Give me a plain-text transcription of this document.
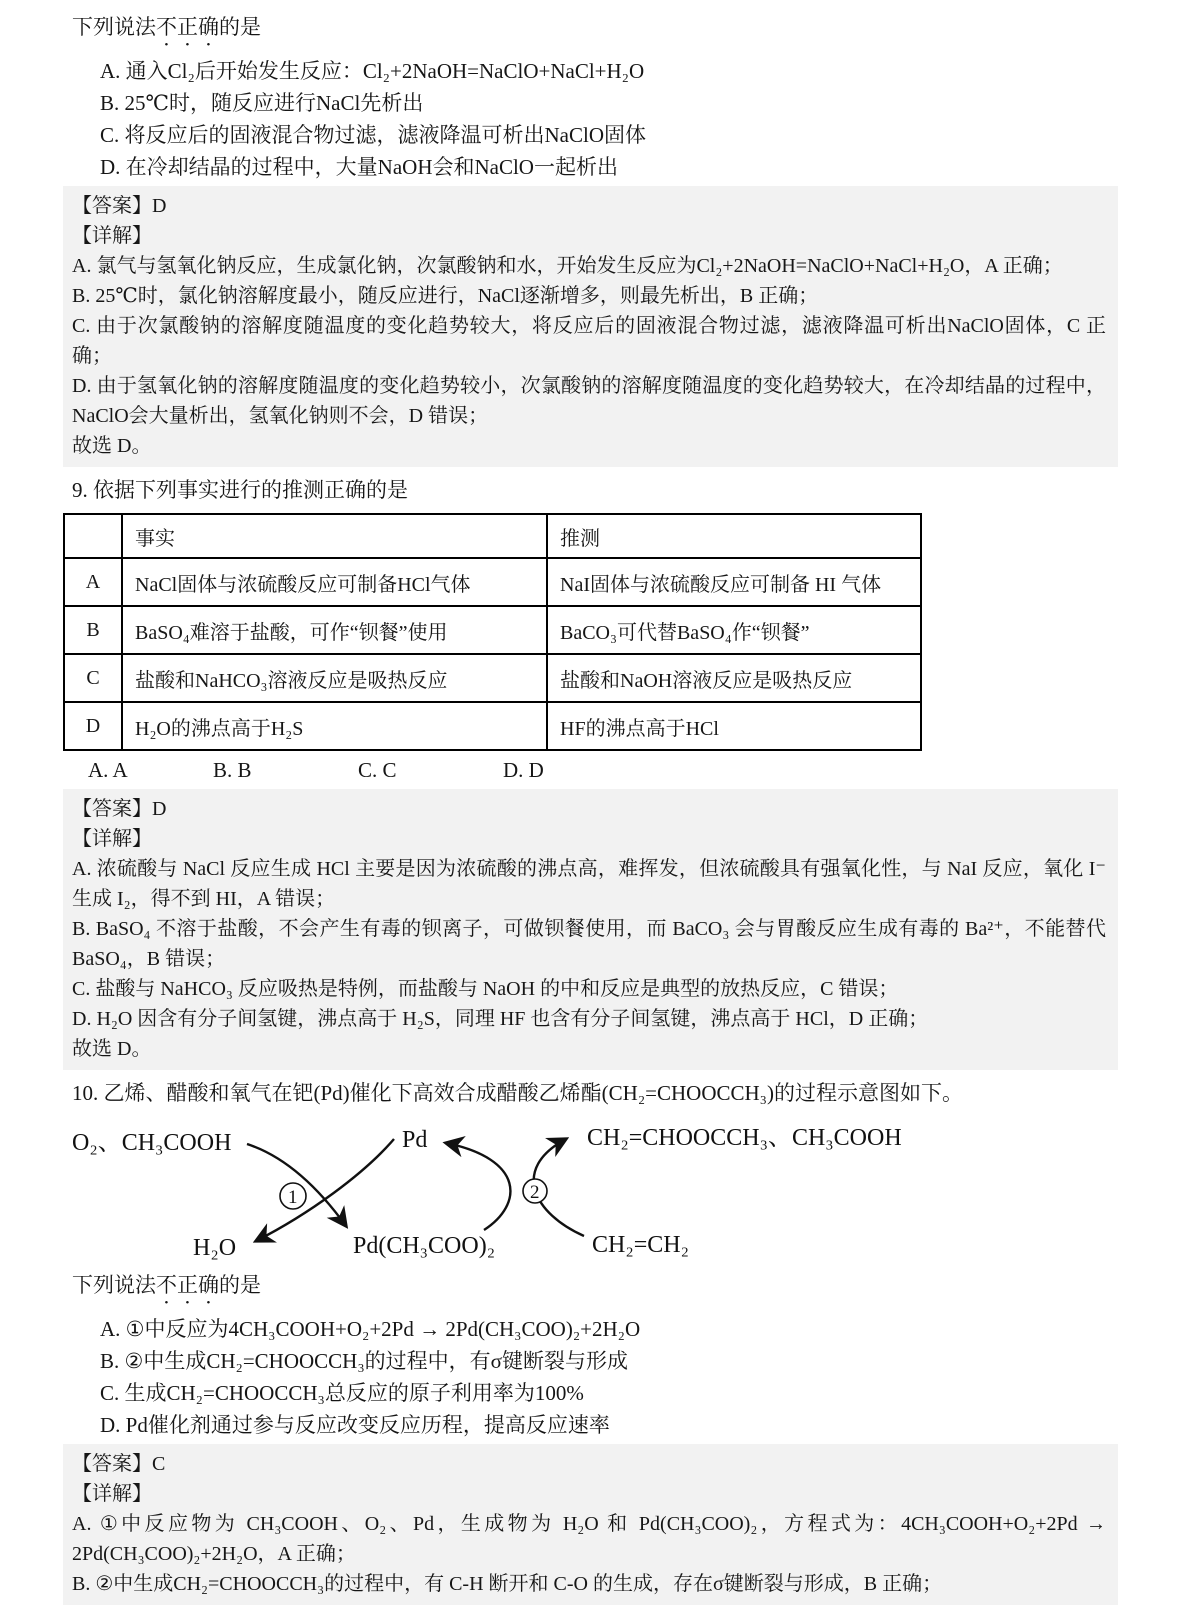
下列说法不正确的是

A. 通入Cl₂后开始发生反应：Cl₂+2NaOH=NaClO+NaCl+H₂O

B. 25℃时，随反应进行NaCl先析出

C. 将反应后的固液混合物过滤，滤液降温可析出NaClO固体

D. 在冷却结晶的过程中，大量NaOH会和NaClO一起析出

【答案】D

【详解】

A. 氯气与氢氧化钠反应，生成氯化钠，次氯酸钠和水，开始发生反应为Cl₂+2NaOH=NaClO+NaCl+H₂O，A 正确；

B. 25℃时，氯化钠溶解度最小，随反应进行，NaCl逐渐增多，则最先析出，B 正确；

C. 由于次氯酸钠的溶解度随温度的变化趋势较大，将反应后的固液混合物过滤，滤液降温可析出NaClO固体，C 正确；

D. 由于氢氧化钠的溶解度随温度的变化趋势较小，次氯酸钠的溶解度随温度的变化趋势较大，在冷却结晶的过程中，NaClO会大量析出，氢氧化钠则不会，D 错误；

故选 D。

9. 依据下列事实进行的推测正确的是

	事实	推测
A	NaCl固体与浓硫酸反应可制备HCl气体	NaI固体与浓硫酸反应可制备 HI 气体
B	BaSO₄难溶于盐酸，可作“钡餐”使用	BaCO₃可代替BaSO₄作“钡餐”
C	盐酸和NaHCO₃溶液反应是吸热反应	盐酸和NaOH溶液反应是吸热反应
D	H₂O的沸点高于H₂S	HF的沸点高于HCl
A. A	B. B	C. C	D. D

【答案】D

【详解】

A. 浓硫酸与 NaCl 反应生成 HCl 主要是因为浓硫酸的沸点高，难挥发，但浓硫酸具有强氧化性，与 NaI 反应，氧化 I⁻生成 I₂，得不到 HI，A 错误；

B. BaSO₄ 不溶于盐酸，不会产生有毒的钡离子，可做钡餐使用，而 BaCO₃ 会与胃酸反应生成有毒的 Ba²⁺，不能替代 BaSO₄，B 错误；

C. 盐酸与 NaHCO₃ 反应吸热是特例，而盐酸与 NaOH 的中和反应是典型的放热反应，C 错误；

D. H₂O 因含有分子间氢键，沸点高于 H₂S，同理 HF 也含有分子间氢键，沸点高于 HCl，D 正确；

故选 D。

10. 乙烯、醋酸和氧气在钯(Pd)催化下高效合成醋酸乙烯酯(CH₂=CHOOCCH₃)的过程示意图如下。

1	2
O₂、CH₃COOH	Pd	CH₂=CHOOCCH₃、CH₃COOH
H₂O	Pd(CH₃COO)₂	CH₂=CH₂

下列说法不正确的是

A. ①中反应为4CH₃COOH+O₂+2Pd → 2Pd(CH₃COO)₂+2H₂O

B. ②中生成CH₂=CHOOCCH₃的过程中，有σ键断裂与形成

C. 生成CH₂=CHOOCCH₃总反应的原子利用率为100%

D. Pd催化剂通过参与反应改变反应历程，提高反应速率

【答案】C

【详解】

A. ①中反应物为 CH₃COOH、O₂、Pd，生成物为 H₂O 和 Pd(CH₃COO)₂，方程式为：4CH₃COOH+O₂+2Pd → 2Pd(CH₃COO)₂+2H₂O，A 正确；

B. ②中生成CH₂=CHOOCCH₃的过程中，有 C-H 断开和 C-O 的生成，存在σ键断裂与形成，B 正确；
